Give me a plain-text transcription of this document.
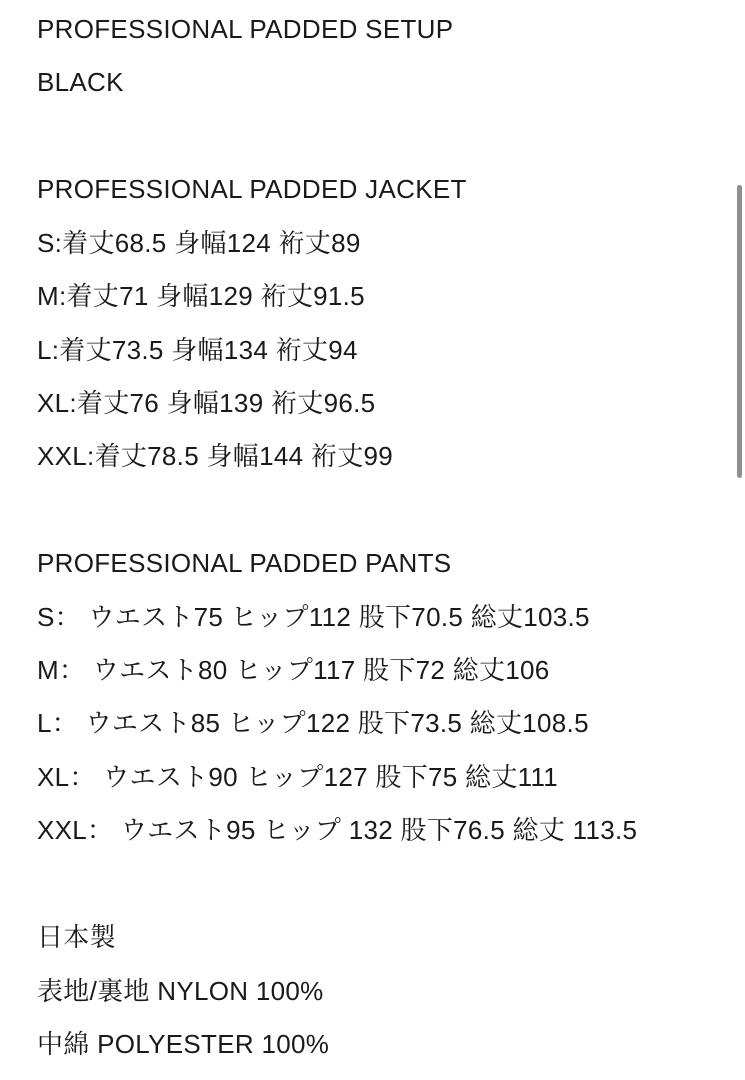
PROFESSIONAL PADDED SETUP

BLACK

PROFESSIONAL PADDED JACKET

S:着丈68.5 身幅124 裄丈89

M:着丈71 身幅129 裄丈91.5

L:着丈73.5 身幅134 裄丈94

XL:着丈76 身幅139 裄丈96.5

XXL:着丈78.5 身幅144 裄丈99

PROFESSIONAL PADDED PANTS

S： ウエスト75 ヒップ112 股下70.5 総丈103.5

M： ウエスト80 ヒップ117 股下72 総丈106

L： ウエスト85 ヒップ122 股下73.5 総丈108.5

XL： ウエスト90 ヒップ127 股下75 総丈111

XXL： ウエスト95 ヒップ 132 股下76.5 総丈 113.5

日本製

表地/裏地 NYLON 100%

中綿 POLYESTER 100%
